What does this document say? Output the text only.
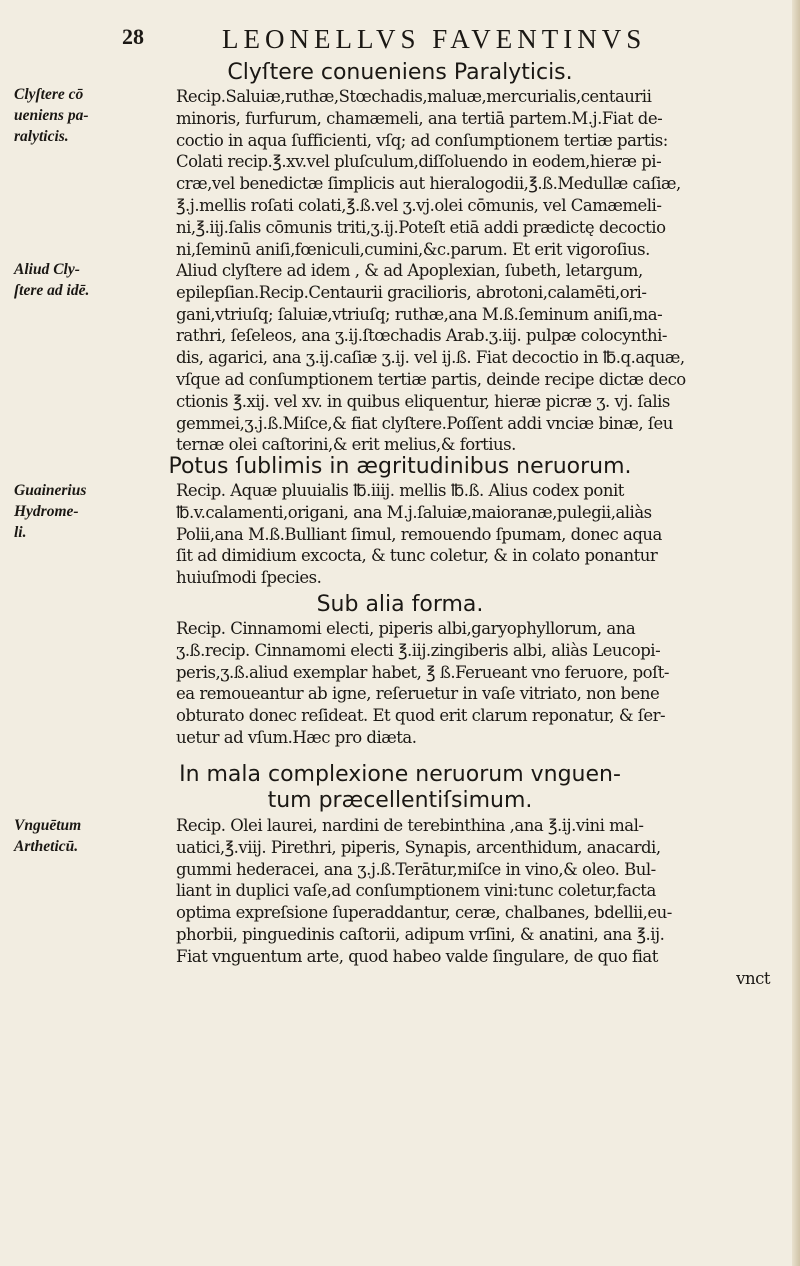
28	LEONELLVS FAVENTINVS
Clyſtere conueniens Paralyticis.
Clyſtere cō
ueniens pa-
ralyticis.
Recip.Saluiæ,ruthæ,Stœchadis,maluæ,mercurialis,centaurii
minoris, furfurum, chamæmeli, ana tertiā partem.M.j.Fiat de-
coctio in aqua ſufficienti, vſq; ad conſumptionem tertiæ partis:
Colati recip.℥.xv.vel pluſculum,diſſoluendo in eodem,hieræ pi-
cræ,vel benedictæ ſimplicis aut hieralogodii,℥.ß.Medullæ caſiæ,
℥.j.mellis roſati colati,℥.ß.vel ʒ.vj.olei cōmunis, vel Camæmeli-
ni,℥.iij.ſalis cōmunis triti,ʒ.ij.Poteſt etiā addi prædictę decoctio
ni,ſeminū aniſi,fœniculi,cumini,&c.parum. Et erit vigoroſius.
Aliud Cly-
ſtere ad idē.
Aliud clyſtere ad idem , & ad Apoplexian, ſubeth, letargum,
epilepſian.Recip.Centaurii gracilioris, abrotoni,calamēti,ori-
gani,vtriuſq; ſaluiæ,vtriuſq; ruthæ,ana M.ß.ſeminum aniſi,ma-
rathri, ſeſeleos, ana ʒ.ij.ſtœchadis Arab.ʒ.iij. pulpæ colocynthi-
dis, agarici, ana ʒ.ij.caſiæ ʒ.ij. vel ij.ß. Fiat decoctio in ℔.q.aquæ,
vſque ad conſumptionem tertiæ partis, deinde recipe dictæ deco
ctionis ℥.xij. vel xv. in quibus eliquentur, hieræ picræ ʒ. vj. ſalis
gemmei,ʒ.j.ß.Miſce,& fiat clyſtere.Poſſent addi vnciæ binæ, ſeu
ternæ olei caſtorini,& erit melius,& fortius.
Potus ſublimis in ægritudinibus neruorum.
Guainerius
Hydrome-
li.
Recip. Aquæ pluuialis ℔.iiij. mellis ℔.ß. Alius codex ponit
℔.v.calamenti,origani, ana M.j.ſaluiæ,maioranæ,pulegii,aliàs
Polii,ana M.ß.Bulliant ſimul, remouendo ſpumam, donec aqua
ſit ad dimidium excocta, & tunc coletur, & in colato ponantur
huiuſmodi ſpecies.
Sub alia forma.
Recip. Cinnamomi electi, piperis albi,garyophyllorum, ana
ʒ.ß.recip. Cinnamomi electi ℥.iij.zingiberis albi, aliàs Leucopi-
peris,ʒ.ß.aliud exemplar habet, ℥ ß.Ferueant vno feruore, poſt-
ea remoueantur ab igne, reſeruetur in vaſe vitriato, non bene
obturato donec reſideat. Et quod erit clarum reponatur, & ſer-
uetur ad vſum.Hæc pro diæta.
In mala complexione neruorum vnguen-
tum præcellentiſsimum.
Vnguētum
Artheticū.
Recip. Olei laurei, nardini de terebinthina ,ana ℥.ij.vini mal-
uatici,℥.viij. Pirethri, piperis, Synapis, arcenthidum, anacardi,
gummi hederacei, ana ʒ.j.ß.Terātur,miſce in vino,& oleo. Bul-
liant in duplici vaſe,ad conſumptionem vini:tunc coletur,facta
optima expreſsione ſuperaddantur, ceræ, chalbanes, bdellii,eu-
phorbii, pinguedinis caſtorii, adipum vrſini, & anatini, ana ℥.ij.
Fiat vnguentum arte, quod habeo valde ſingulare, de quo fiat
vnct
